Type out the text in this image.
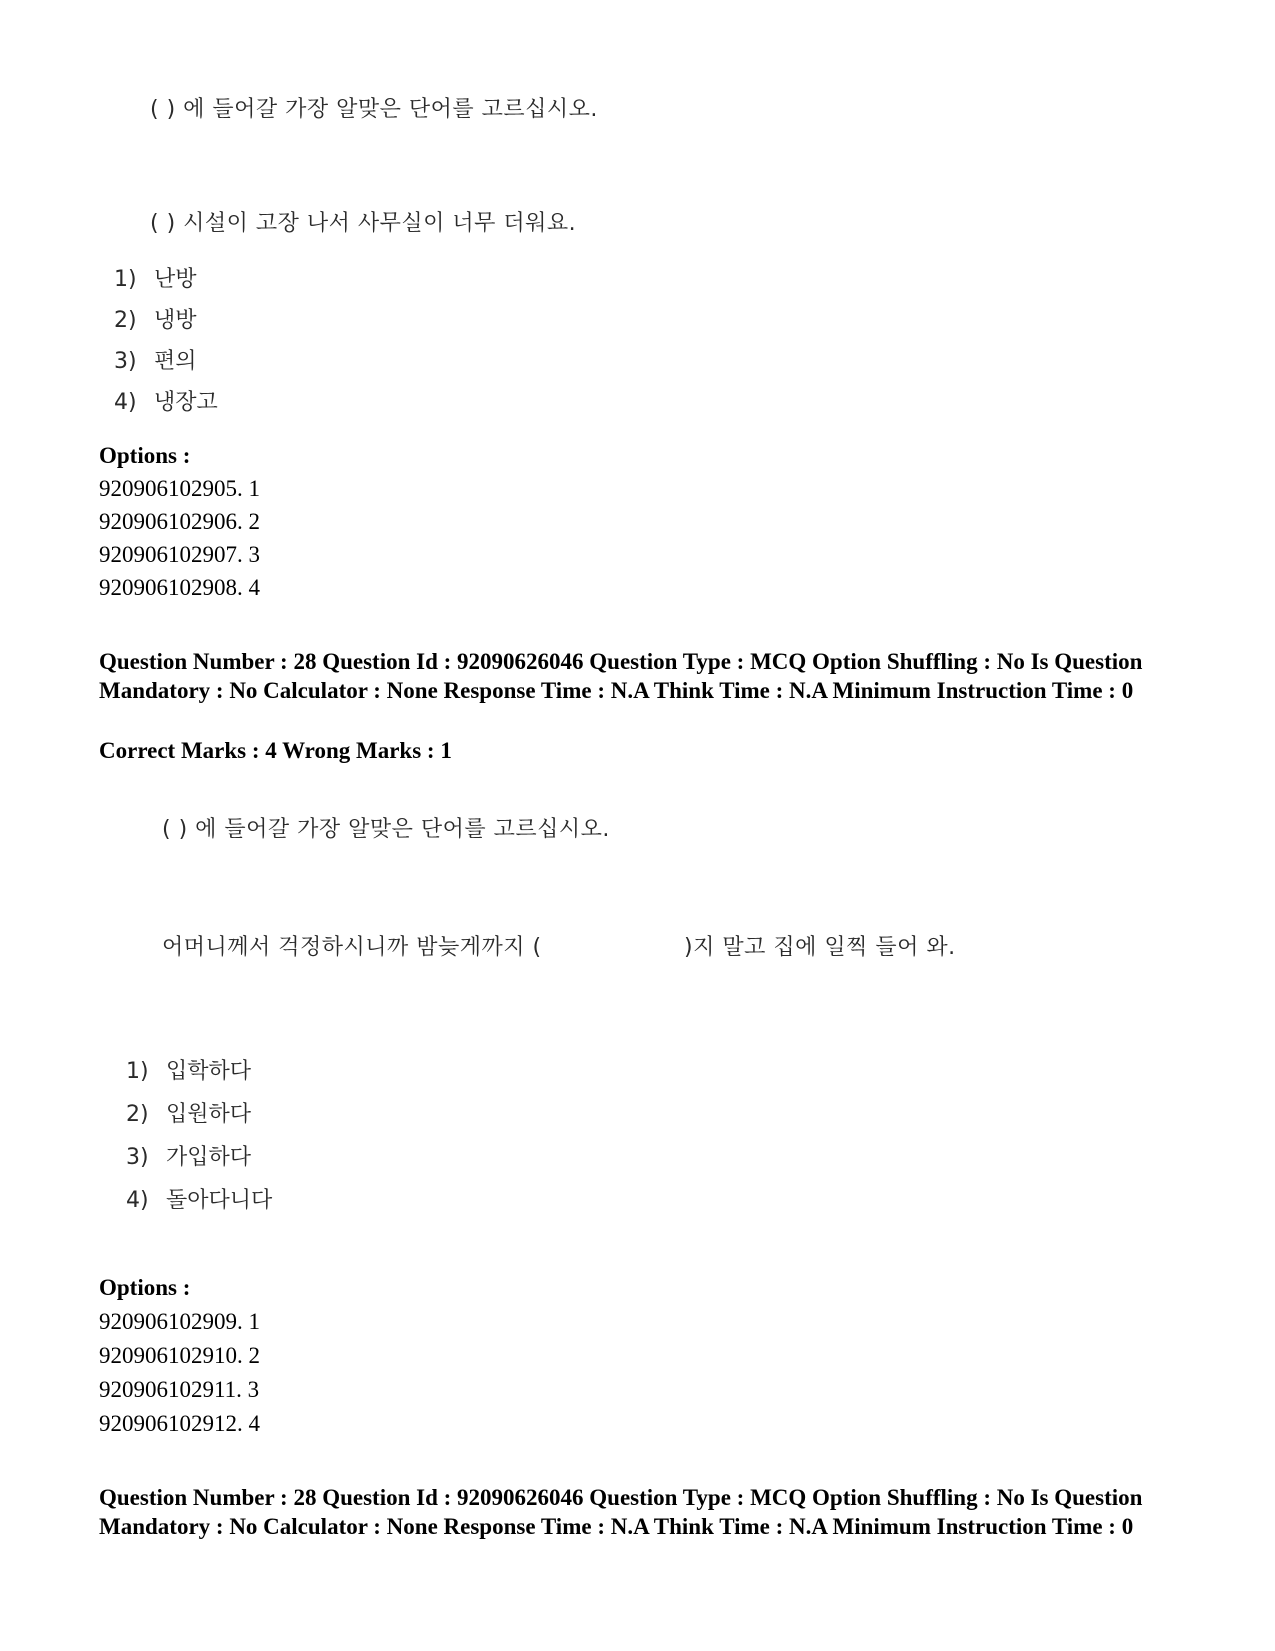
( ) 에 들어갈 가장 알맞은 단어를 고르십시오.
( ) 시설이 고장 나서 사무실이 너무 더워요.
1) 난방
2) 냉방
3) 편의
4) 냉장고
Options :
920906102905. 1
920906102906. 2
920906102907. 3
920906102908. 4
Question Number : 28 Question Id : 92090626046 Question Type : MCQ Option Shuffling : No Is Question Mandatory : No Calculator : None Response Time : N.A Think Time : N.A Minimum Instruction Time : 0
Correct Marks : 4 Wrong Marks : 1
( ) 에 들어갈 가장 알맞은 단어를 고르십시오.
어머니께서 걱정하시니까 밤늦게까지 (	)지 말고 집에 일찍 들어 와.
1) 입학하다
2) 입원하다
3) 가입하다
4) 돌아다니다
Options :
920906102909. 1
920906102910. 2
920906102911. 3
920906102912. 4
Question Number : 28 Question Id : 92090626046 Question Type : MCQ Option Shuffling : No Is Question Mandatory : No Calculator : None Response Time : N.A Think Time : N.A Minimum Instruction Time : 0
